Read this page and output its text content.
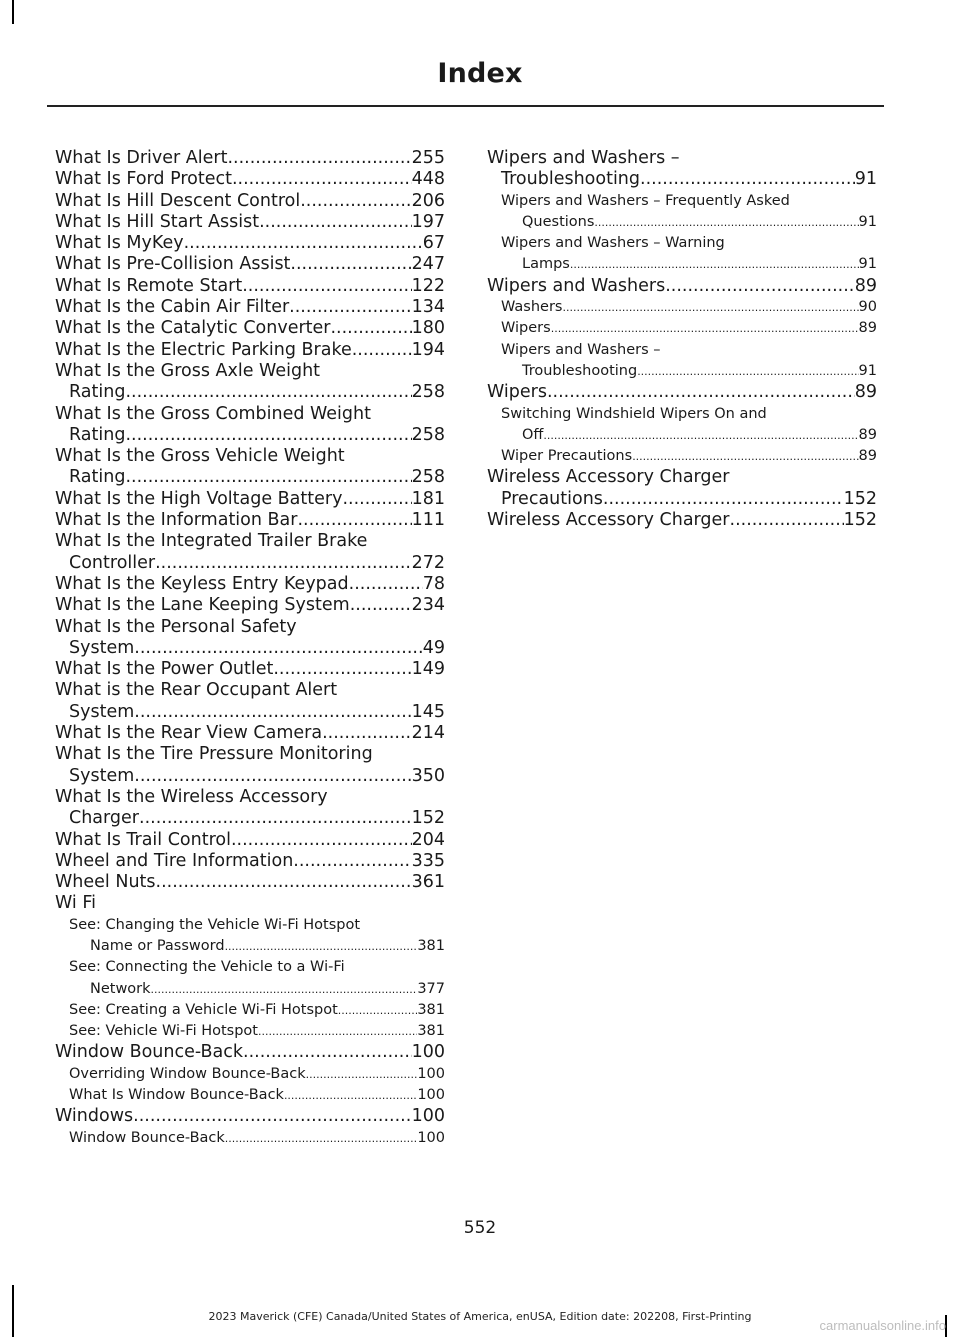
Index
What Is Driver Alert .....	255
What Is Ford Protect .....	448
What Is Hill Descent Control .....	206
What Is Hill Start Assist .....	197
What Is MyKey .....	67
What Is Pre-Collision Assist .....	247
What Is Remote Start .....	122
What Is the Cabin Air Filter .....	134
What Is the Catalytic Converter .....	180
What Is the Electric Parking Brake .....	194
What Is the Gross Axle Weight
Rating .....	258
What Is the Gross Combined Weight
Rating .....	258
What Is the Gross Vehicle Weight
Rating .....	258
What Is the High Voltage Battery .....	181
What Is the Information Bar .....	111
What Is the Integrated Trailer Brake
Controller .....	272
What Is the Keyless Entry Keypad .....	78
What Is the Lane Keeping System .....	234
What Is the Personal Safety
System .....	49
What Is the Power Outlet .....	149
What is the Rear Occupant Alert
System .....	145
What Is the Rear View Camera .....	214
What Is the Tire Pressure Monitoring
System .....	350
What Is the Wireless Accessory
Charger .....	152
What Is Trail Control .....	204
Wheel and Tire Information .....	335
Wheel Nuts .....	361
Wi Fi
See: Changing the Vehicle Wi-Fi Hotspot
Name or Password .....	381
See: Connecting the Vehicle to a Wi-Fi
Network .....	377
See: Creating a Vehicle Wi-Fi Hotspot .....	381
See: Vehicle Wi-Fi Hotspot .....	381
Window Bounce-Back .....	100
Overriding Window Bounce-Back .....	100
What Is Window Bounce-Back .....	100
Windows .....	100
Window Bounce-Back .....	100
Wipers and Washers –
Troubleshooting .....	91
Wipers and Washers – Frequently Asked
Questions .....	91
Wipers and Washers – Warning
Lamps .....	91
Wipers and Washers .....	89
Washers .....	90
Wipers .....	89
Wipers and Washers –
Troubleshooting .....	91
Wipers .....	89
Switching Windshield Wipers On and
Off .....	89
Wiper Precautions .....	89
Wireless Accessory Charger
Precautions .....	152
Wireless Accessory Charger .....	152
552
2023 Maverick (CFE) Canada/United States of America, enUSA, Edition date: 202208, First-Printing
carmanualsonline.info
